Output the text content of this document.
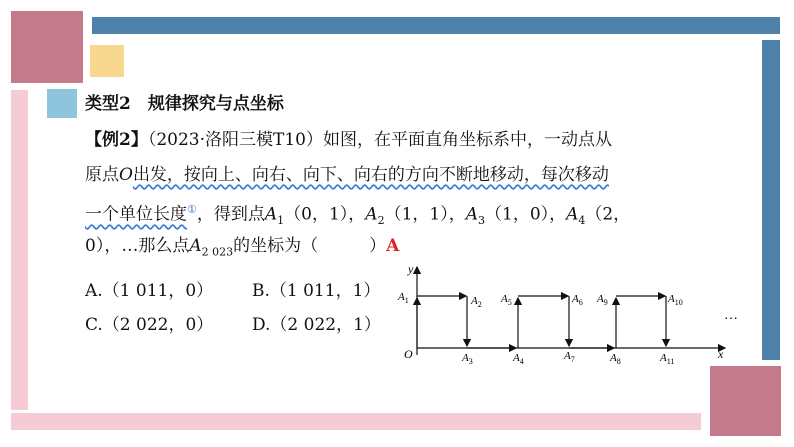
类型2　规律探究与点坐标
【例2】（2023·洛阳三模T10）如图，在平面直角坐标系中，一动点从
原点O出发，按向上、向右、向下、向右的方向不断地移动，每次移动
一个单位长度①，得到点$A_1(0$，1），$A_2(1$，1），$A_3(1$，0），$A_4(2$，
0），…那么点$A_{2 023}$的坐标为（　　　）A
A.（1 011，0） B.（1 011，1）
C.（2 022，0） D.（2 022，1）
y
x
O
…
$A_1$	$A_2$
$A_3$	$A_4$
$A_5$	$A_6$
$A_7$	$A_8$
$A_9$	$A_{10}$
$A_{11}$
